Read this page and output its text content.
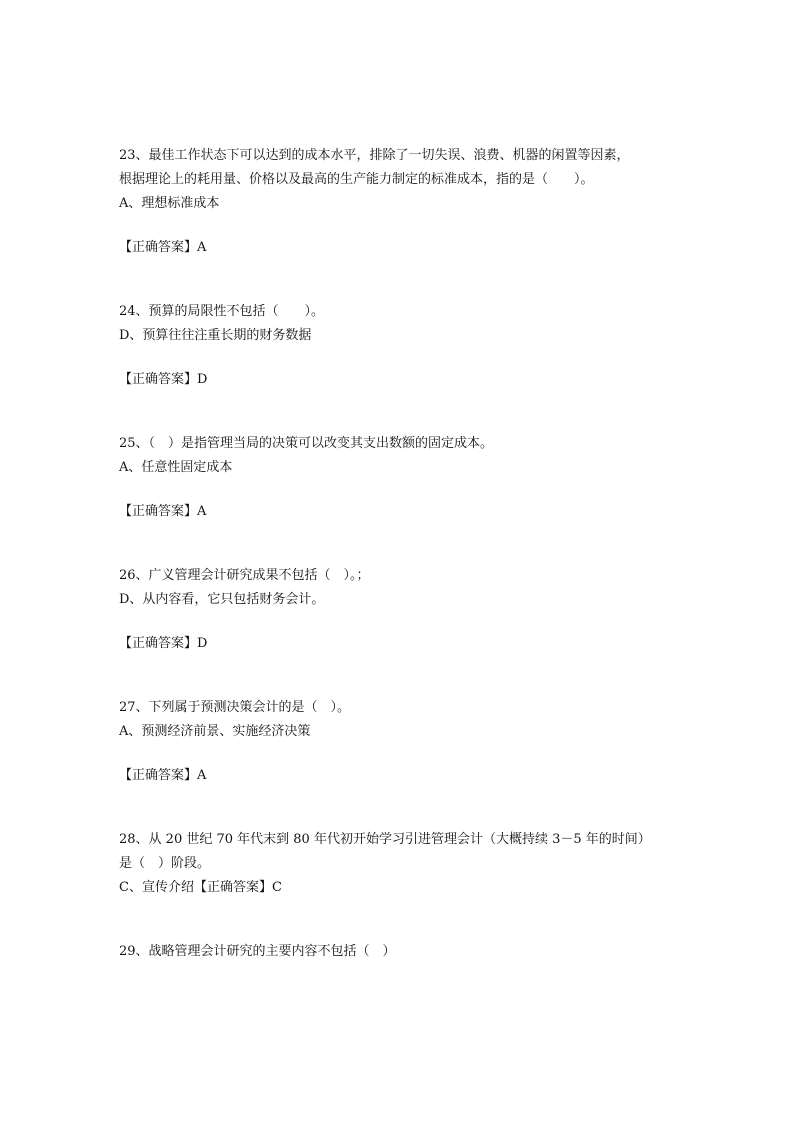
23、最佳工作状态下可以达到的成本水平，排除了一切失误、浪费、机器的闲置等因素，
根据理论上的耗用量、价格以及最高的生产能力制定的标准成本，指的是（　　）。
A、理想标准成本
【正确答案】A
24、预算的局限性不包括（　　）。
D、预算往往注重长期的财务数据
【正确答案】D
25、（　）是指管理当局的决策可以改变其支出数额的固定成本。
A、任意性固定成本
【正确答案】A
26、广义管理会计研究成果不包括（　）。；
D、从内容看，它只包括财务会计。
【正确答案】D
27、下列属于预测决策会计的是（　）。
A、预测经济前景、实施经济决策
【正确答案】A
28、从 20 世纪 70 年代末到 80 年代初开始学习引进管理会计（大概持续 3－5 年的时间）
是（　）阶段。
C、宣传介绍【正确答案】C
29、战略管理会计研究的主要内容不包括（　）
